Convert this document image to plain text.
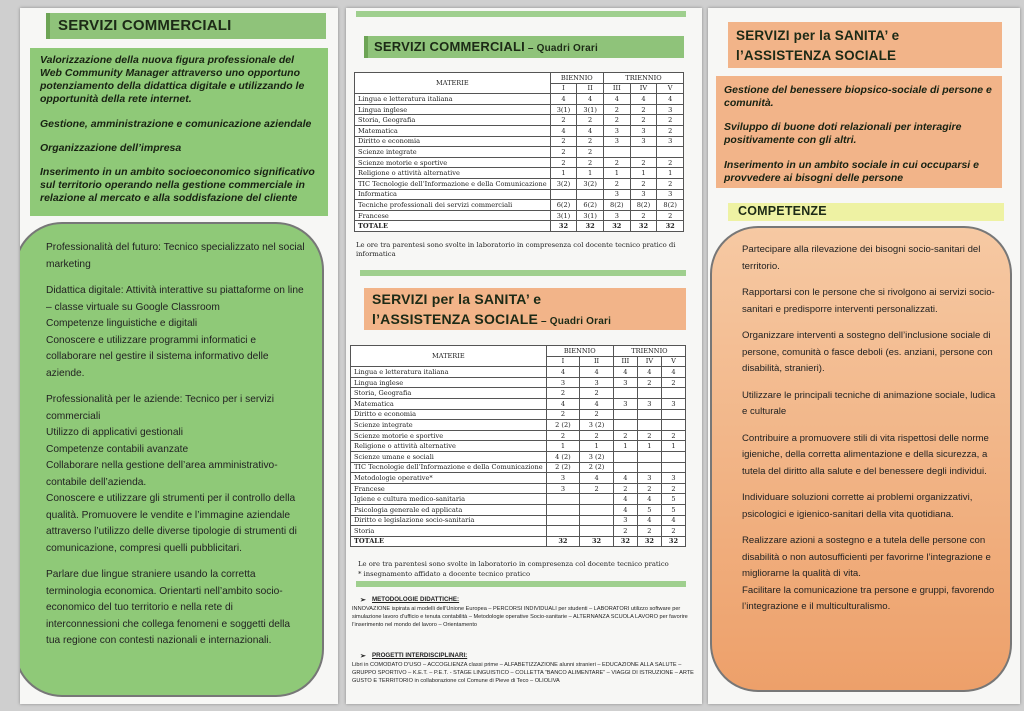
SERVIZI COMMERCIALI

Valorizzazione della nuova figura professionale del Web Community Manager attraverso uno opportuno potenziamento della didattica digitale e utilizzando le opportunità della rete internet.

Gestione, amministrazione e comunicazione aziendale

Organizzazione dell’impresa

Inserimento in un ambito socioeconomico significativo sul territorio operando nella gestione commerciale in relazione al mercato e alla soddisfazione del cliente

Professionalità del futuro: Tecnico specializzato nel social marketing

Didattica digitale: Attività interattive su piattaforme on line – classe virtuale su Google Classroom
Competenze linguistiche e digitali
Conoscere e utilizzare programmi informatici e collaborare nel gestire il sistema informativo delle aziende.

Professionalità per le aziende: Tecnico per i servizi commerciali
Utilizzo di applicativi gestionali
Competenze contabili avanzate
Collaborare nella gestione dell’area amministrativo-contabile dell’azienda.
Conoscere e utilizzare gli strumenti per il controllo della qualità. Promuovere le vendite e l’immagine aziendale attraverso l’utilizzo delle diverse tipologie di strumenti di comunicazione, compresi quelli pubblicitari.

Parlare due lingue straniere usando la corretta terminologia economica. Orientarti nell’ambito socio-economico del tuo territorio e nella rete di interconnessioni che collega fenomeni e soggetti della tua regione con contesti nazionali e internazionali.

SERVIZI COMMERCIALI – Quadri Orari
MATERIE	BIENNIO		TRIENNIO		
	I	II	III	IV	V
Lingua e letteratura italiana	4	4	4	4	4
Lingua inglese	3(1)	3(1)	2	2	3
Storia, Geografia	2	2	2	2	2
Matematica	4	4	3	3	2
Diritto e economia	2	2	3	3	3
Scienze integrate	2	2			
Scienze motorie e sportive	2	2	2	2	2
Religione o attività alternative	1	1	1	1	1
TIC Tecnologie dell’Informazione e della Comunicazione	3(2)	3(2)	2	2	2
Informatica			3	3	3
Tecniche professionali dei servizi commerciali	6(2)	6(2)	8(2)	8(2)	8(2)
Francese	3(1)	3(1)	3	2	2
TOTALE	32	32	32	32	32
Le ore tra parentesi sono svolte in laboratorio in compresenza col docente tecnico pratico di informatica
SERVIZI per la SANITA’ e
l’ASSISTENZA SOCIALE – Quadri Orari
MATERIE	BIENNIO		TRIENNIO		
	I	II	III	IV	V
Lingua e letteratura italiana	4	4	4	4	4
Lingua inglese	3	3	3	2	2
Storia, Geografia	2	2			
Matematica	4	4	3	3	3
Diritto e economia	2	2			
Scienze integrate	2 (2)	3 (2)			
Scienze motorie e sportive	2	2	2	2	2
Religione o attività alternative	1	1	1	1	1
Scienze umane e sociali	4 (2)	3 (2)			
TIC Tecnologie dell’Informazione e della Comunicazione	2 (2)	2 (2)			
Metodologie operative*	3	4	4	3	3
Francese	3	2	2	2	2
Igiene e cultura medico-sanitaria			4	4	5
Psicologia generale ed applicata			4	5	5
Diritto e legislazione socio-sanitaria			3	4	4
Storia			2	2	2
TOTALE	32	32	32	32	32
Le ore tra parentesi sono svolte in laboratorio in compresenza col docente tecnico pratico
* insegnamento affidato a docente tecnico pratico
➢ METODOLOGIE DIDATTICHE:
INNOVAZIONE ispirata ai modelli dell’Unione Europea – PERCORSI INDIVIDUALI per studenti – LABORATORI utilizzo software per simulazione lavoro d’ufficio e tenuta contabilità – Metodologie operative Socio-sanitarie – ALTERNANZA SCUOLA LAVORO per favorire l’inserimento nel mondo del lavoro – Orientamento
➢ PROGETTI INTERDISCIPLINARI:
Libri in COMODATO D’USO – ACCOGLIENZA classi prime – ALFABETIZZAZIONE alunni stranieri – EDUCAZIONE ALLA SALUTE – GRUPPO SPORTIVO – K.E.T. – P.E.T. - STAGE LINGUISTICO – COLLETTA “BANCO ALIMENTARE” – VIAGGI DI ISTRUZIONE – ARTE GUSTO E TERRITORIO in collaborazione col Comune di Pieve di Teco – OLIOLIVA
SERVIZI per la SANITA’ e
l’ASSISTENZA SOCIALE

Gestione del benessere biopsico-sociale di persone e comunità.

Sviluppo di buone doti relazionali per interagire positivamente con gli altri.

Inserimento in un ambito sociale in cui occuparsi e provvedere ai bisogni delle persone

COMPETENZE

Partecipare alla rilevazione dei bisogni socio-sanitari del territorio.

Rapportarsi con le persone che si rivolgono ai servizi socio-sanitari e predisporre interventi personalizzati.

Organizzare interventi a sostegno dell’inclusione sociale di persone, comunità o fasce deboli (es. anziani, persone con disabilità, stranieri).

Utilizzare le principali tecniche di animazione sociale, ludica e culturale

Contribuire a promuovere stili di vita rispettosi delle norme igieniche, della corretta alimentazione e della sicurezza, a tutela del diritto alla salute e del benessere degli individui.

Individuare soluzioni corrette ai problemi organizzativi, psicologici e igienico-sanitari della vita quotidiana.

Realizzare azioni a sostegno e a tutela delle persone con disabilità o non autosufficienti per favorirne l’integrazione e migliorarne la qualità di vita.
Facilitare la comunicazione tra persone e gruppi, favorendo l’integrazione e il multiculturalismo.
